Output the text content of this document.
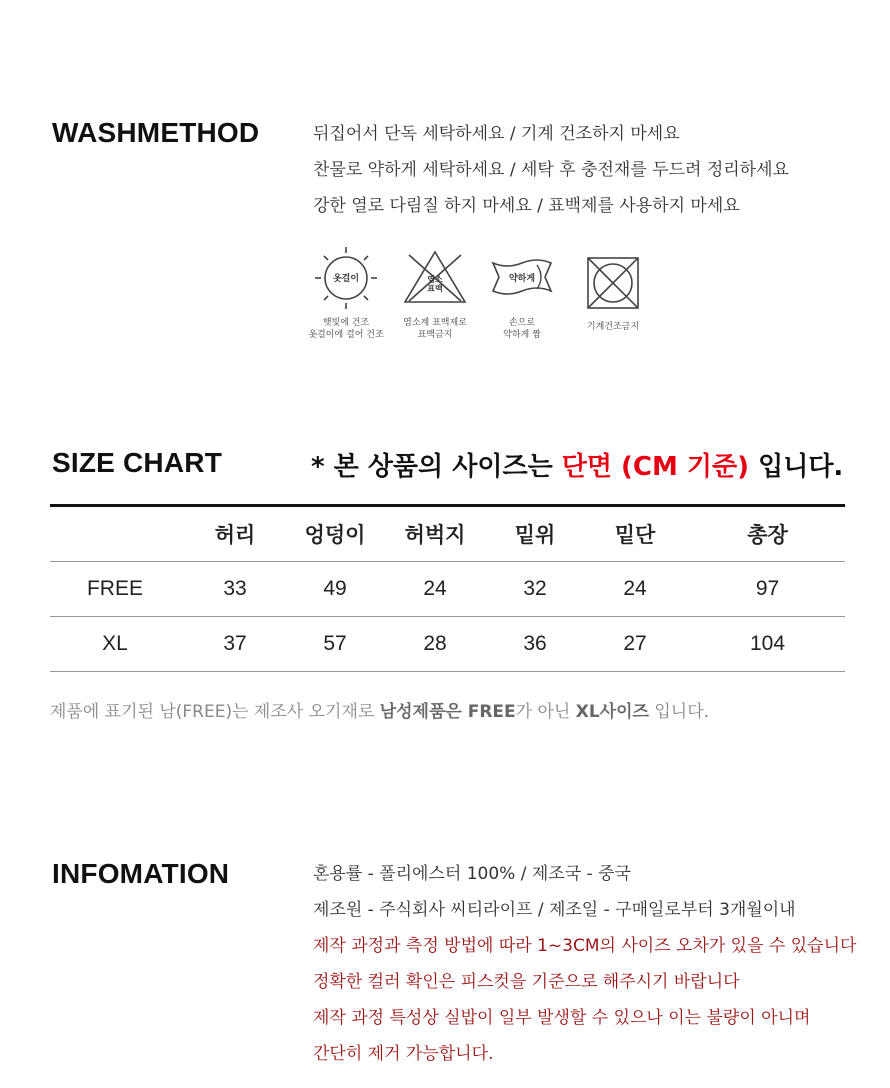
WASHMETHOD	뒤집어서 단독 세탁하세요 / 기계 건조하지 마세요
찬물로 약하게 세탁하세요 / 세탁 후 충전재를 두드려 정리하세요
강한 열로 다림질 하지 마세요 / 표백제를 사용하지 마세요
옷걸이
햇빛에 건조
옷걸이에 걸어 건조
염소
표백
염소계 표백제로
표백금지
약하게
손으로
약하게 짬
기계건조금지
SIZE CHART	* 본 상품의 사이즈는 단면 (CM 기준) 입니다.
	허리	엉덩이	허벅지	밑위	밑단	총장
FREE	33	49	24	32	24	97
XL	37	57	28	36	27	104
제품에 표기된 남(FREE)는 제조사 오기재로 남성제품은 FREE가 아닌 XL사이즈 입니다.
INFOMATION	혼용률 - 폴리에스터 100% / 제조국 - 중국
제조원 - 주식회사 씨티라이프 / 제조일 - 구매일로부터 3개월이내
제작 과정과 측정 방법에 따라 1~3CM의 사이즈 오차가 있을 수 있습니다
정확한 컬러 확인은 피스컷을 기준으로 해주시기 바랍니다
제작 과정 특성상 실밥이 일부 발생할 수 있으나 이는 불량이 아니며
간단히 제거 가능합니다.
